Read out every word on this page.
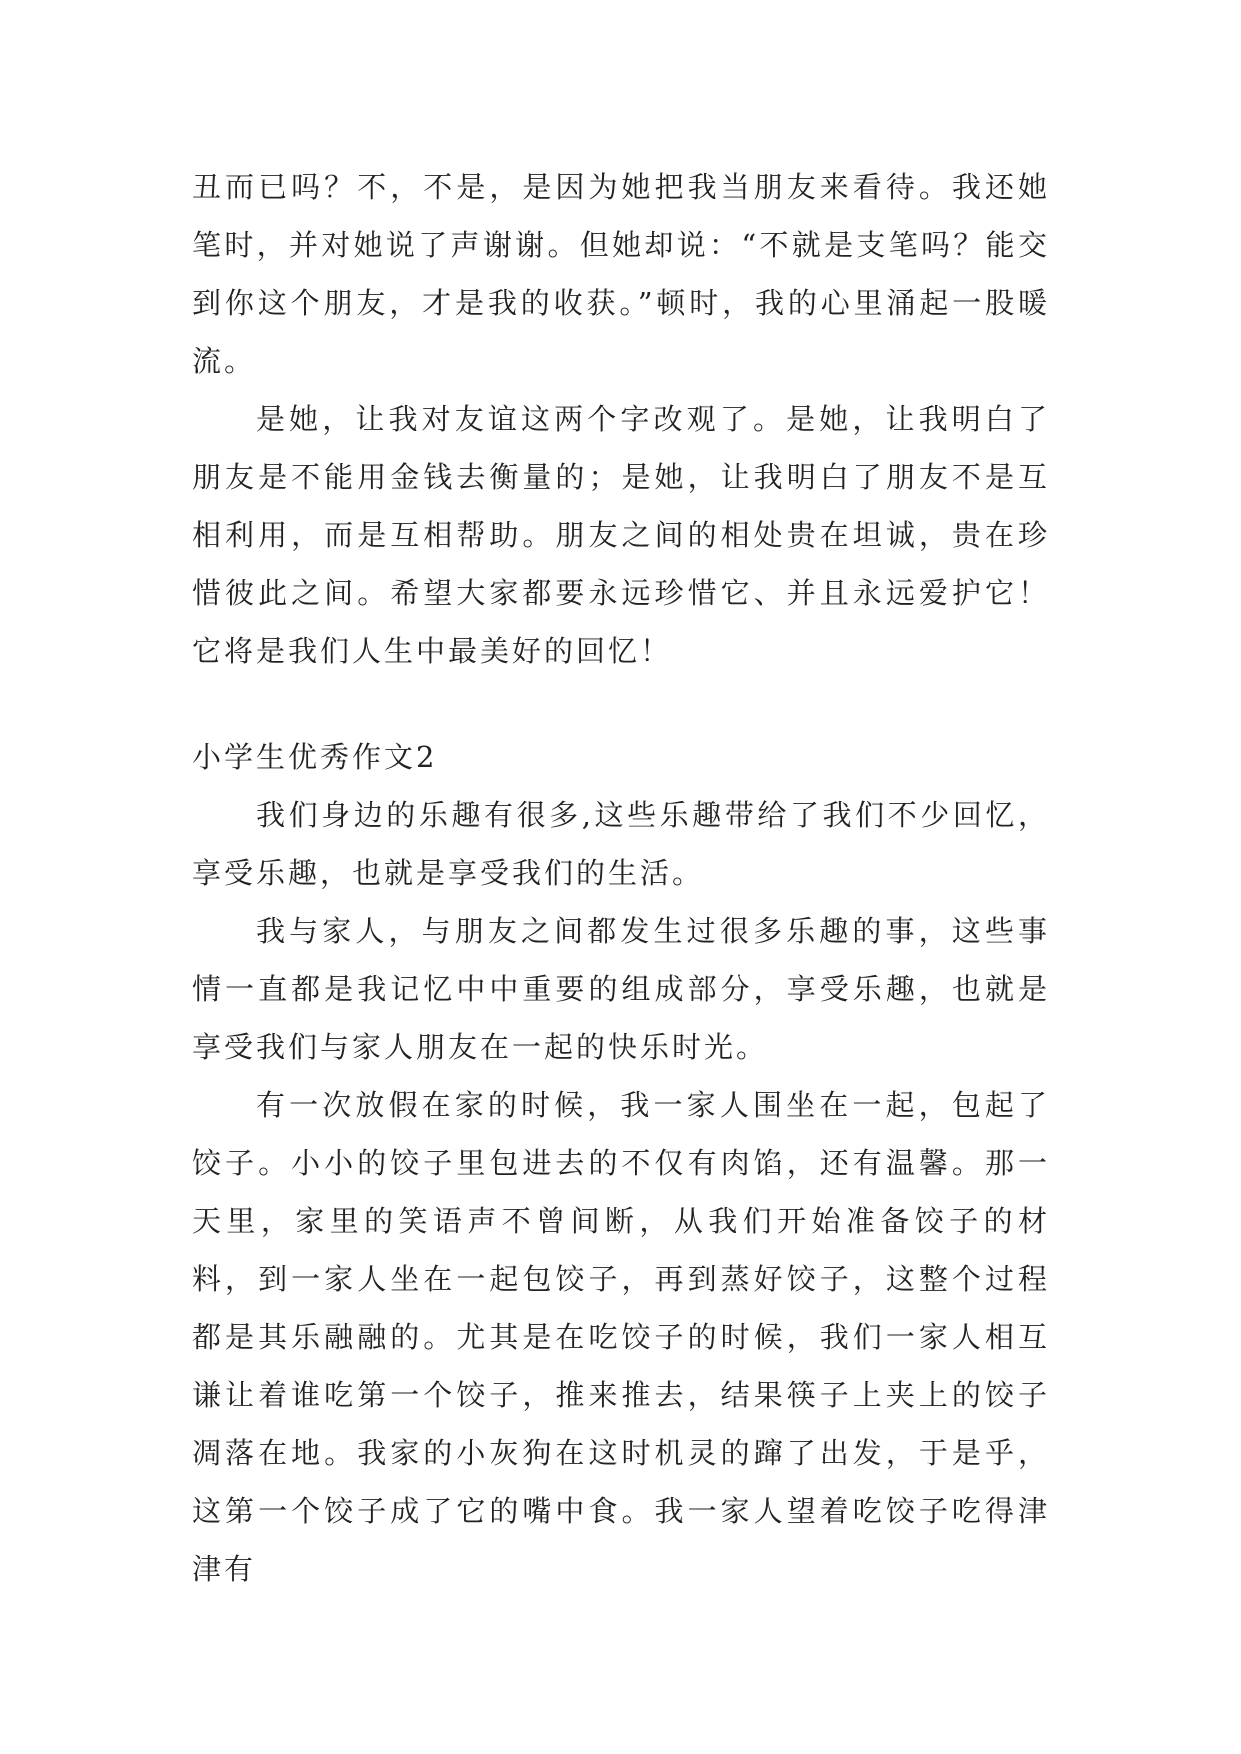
丑而已吗？不，不是，是因为她把我当朋友来看待。我还她笔时，并对她说了声谢谢。但她却说：“不就是支笔吗？能交到你这个朋友，才是我的收获。”顿时，我的心里涌起一股暖流。

是她，让我对友谊这两个字改观了。是她，让我明白了朋友是不能用金钱去衡量的；是她，让我明白了朋友不是互相利用，而是互相帮助。朋友之间的相处贵在坦诚，贵在珍惜彼此之间。希望大家都要永远珍惜它、并且永远爱护它！它将是我们人生中最美好的回忆！

小学生优秀作文2

我们身边的乐趣有很多,这些乐趣带给了我们不少回忆，享受乐趣，也就是享受我们的生活。

我与家人，与朋友之间都发生过很多乐趣的事，这些事情一直都是我记忆中中重要的组成部分，享受乐趣，也就是享受我们与家人朋友在一起的快乐时光。

有一次放假在家的时候，我一家人围坐在一起，包起了饺子。小小的饺子里包进去的不仅有肉馅，还有温馨。那一天里，家里的笑语声不曾间断，从我们开始准备饺子的材料，到一家人坐在一起包饺子，再到蒸好饺子，这整个过程都是其乐融融的。尤其是在吃饺子的时候，我们一家人相互谦让着谁吃第一个饺子，推来推去，结果筷子上夹上的饺子凋落在地。我家的小灰狗在这时机灵的蹿了出发，于是乎，这第一个饺子成了它的嘴中食。我一家人望着吃饺子吃得津津有
